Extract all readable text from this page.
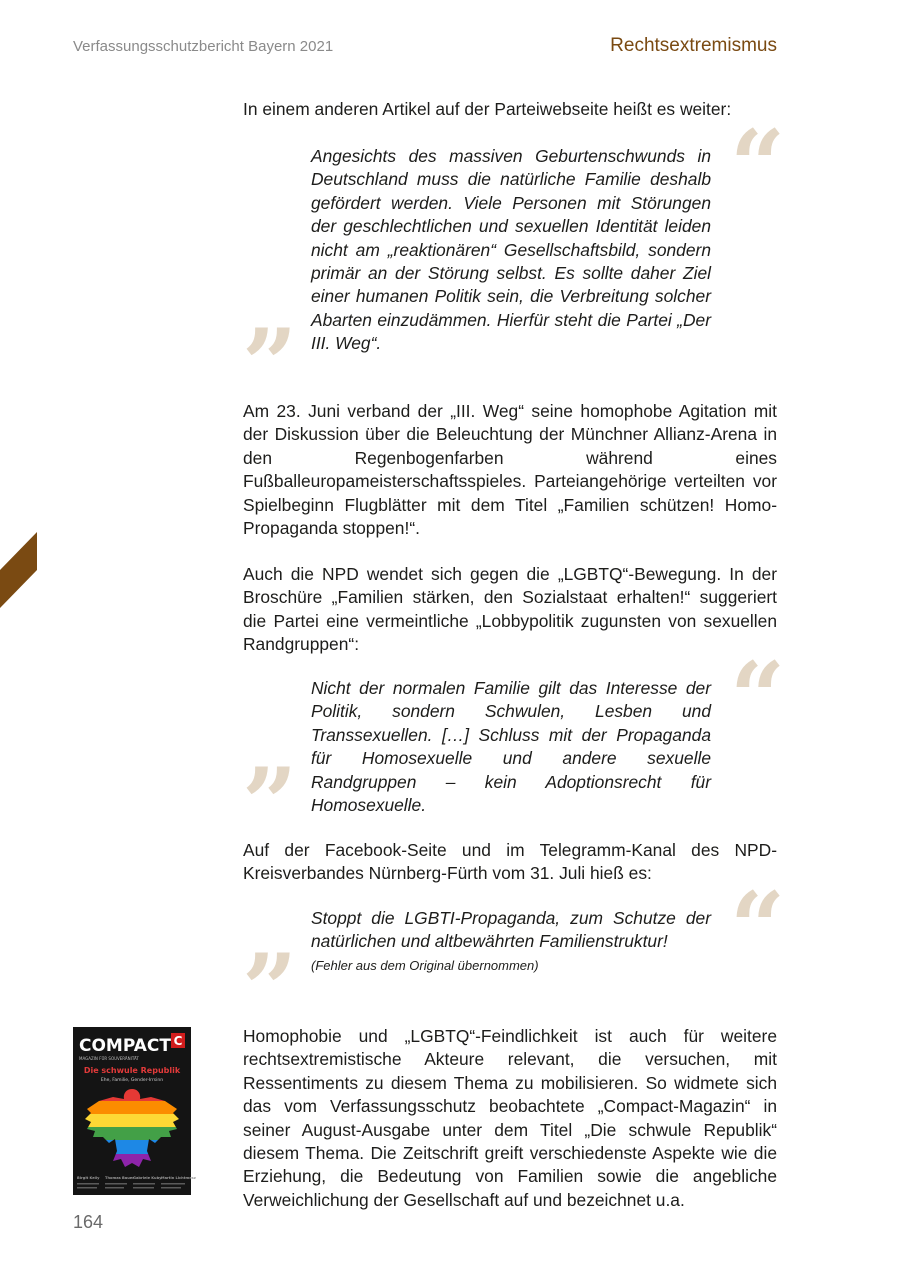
Verfassungsschutzbericht Bayern 2021	Rechtsextremismus

In einem anderen Artikel auf der Parteiwebseite heißt es weiter:

“

Angesichts des massiven Geburtenschwunds in Deutschland muss die natürliche Familie deshalb gefördert werden. Viele Personen mit Störungen der geschlechtlichen und sexuellen Identität leiden nicht am „reaktionären“ Gesellschaftsbild, sondern primär an der Störung selbst. Es sollte daher Ziel einer humanen Politik sein, die Verbreitung solcher Abarten einzudämmen. Hierfür steht die Partei „Der III. Weg“.

”

Am 23. Juni verband der „III. Weg“ seine homophobe Agitation mit der Diskussion über die Beleuchtung der Münchner Allianz-Arena in den Regenbogenfarben während eines Fußballeuropameisterschaftsspieles. Parteiangehörige verteilten vor Spielbeginn Flugblätter mit dem Titel „Familien schützen! Homo-Propaganda stoppen!“.

Auch die NPD wendet sich gegen die „LGBTQ“-Bewegung. In der Broschüre „Familien stärken, den Sozialstaat erhalten!“ suggeriert die Partei eine vermeintliche „Lobbypolitik zugunsten von sexuellen Randgruppen“:	“

Nicht der normalen Familie gilt das Interesse der Politik, sondern Schwulen, Lesben und Transsexuellen. […] Schluss mit der Propaganda für Homosexuelle und andere sexuelle Randgruppen – kein Adoptionsrecht für Homosexuelle.

”

Auf der Facebook-Seite und im Telegramm-Kanal des NPD-Kreisverbandes Nürnberg-Fürth vom 31. Juli hieß es: “

Stoppt die LGBTI-Propaganda, zum Schutze der natürlichen und altbewährten Familienstruktur!

(Fehler aus dem Original übernommen)

”
COMPACT C
MAGAZIN FÜR SOUVERÄNITÄT
Die schwule Republik
Ehe, Familie, Gender-Irrsinn
Birgit Kelly Thomas Bauer Gabriele Kuby Martin Lichtmesz

Homophobie und „LGBTQ“-Feindlichkeit ist auch für weitere rechtsextremistische Akteure relevant, die versuchen, mit Ressentiments zu diesem Thema zu mobilisieren. So widmete sich das vom Verfassungsschutz beobachtete „Compact-Magazin“ in seiner August-Ausgabe unter dem Titel „Die schwule Republik“ diesem Thema. Die Zeitschrift greift verschiedenste Aspekte wie die Erziehung, die Bedeutung von Familien sowie die angebliche Verweichlichung der Gesellschaft auf und bezeichnet u.a.

164
